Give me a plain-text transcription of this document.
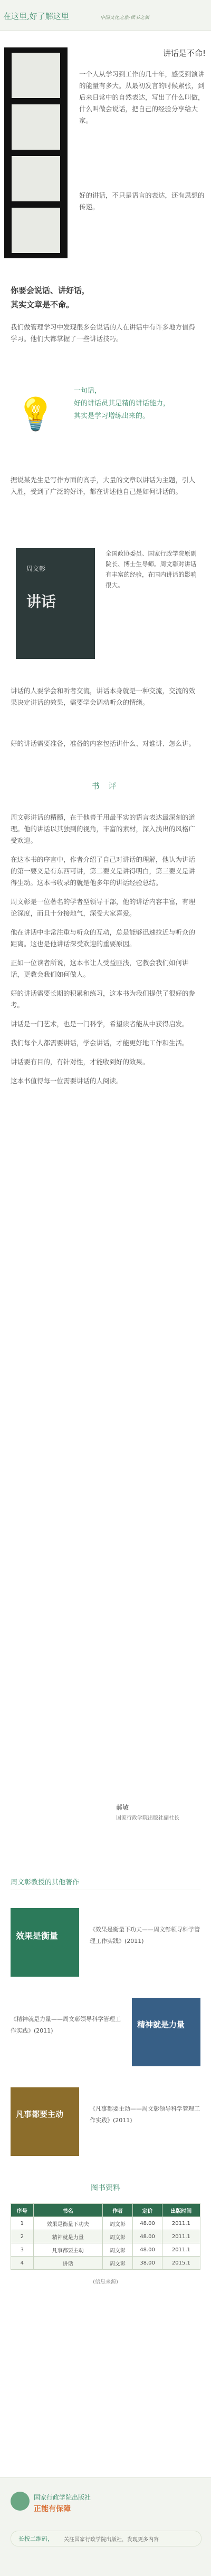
在这里,好了解这里	中国文化之旅·读书之旅
讲话是不命!
一个人从学习到工作的几十年，感受到演讲的能量有多大。从最初发言的时候紧张，到后来日常中的自然表达，写出了什么叫做，什么叫做会说话，把自己的经验分享给大家。
好的讲话，不只是语言的表达，还有思想的传递。
你要会说话、讲好话，
其实文章是不命。
我们做管理学习中发现很多会说话的人在讲话中有许多地方值得学习。他们大都掌握了一些讲话技巧。
💡
一句话，
好的讲话员其是精的讲话能力，
其实是学习增练出来的。
据说某先生是写作方面的高手，大量的文章以讲话为主题，引人入胜，受到了广泛的好评，都在讲述他自己是如何讲话的。
周文彰
讲话
全国政协委员、国家行政学院原副院长、博士生导师。周文彰对讲话有丰富的经验，在国内讲话的影响很大。
讲话的人要学会和听者交流，讲话本身就是一种交流，交流的效果决定讲话的效果，需要学会调动听众的情绪。
好的讲话需要准备，准备的内容包括讲什么、对谁讲、怎么讲。
书 评

周文彰讲话的精髓，在于他善于用最平实的语言表达最深刻的道理。他的讲话以其独到的视角，丰富的素材，深入浅出的风格广受欢迎。

在这本书的序言中，作者介绍了自己对讲话的理解，他认为讲话的第一要义是有东西可讲，第二要义是讲得明白，第三要义是讲得生动。这本书收录的就是他多年的讲话经验总结。

周文彰是一位著名的学者型领导干部，他的讲话内容丰富，有理论深度，而且十分接地气，深受大家喜爱。

他在讲话中非常注重与听众的互动，总是能够迅速拉近与听众的距离。这也是他讲话深受欢迎的重要原因。

正如一位读者所说，这本书让人受益匪浅，它教会我们如何讲话，更教会我们如何做人。

好的讲话需要长期的积累和练习，这本书为我们提供了很好的参考。

讲话是一门艺术，也是一门科学，希望读者能从中获得启发。

我们每个人都需要讲话，学会讲话，才能更好地工作和生活。

讲话要有目的，有针对性，才能收到好的效果。

这本书值得每一位需要讲话的人阅读。

郝敏
国家行政学院出版社副社长
周文彰教授的其他著作
效果是衡量
《效果是衡量下功夫——周文彰领导科学管理工作实践》(2011)
精神就是力量
《精神就是力量——周文彰领导科学管理工作实践》(2011)
凡事都要主动
《凡事都要主动——周文彰领导科学管理工作实践》(2011)
图书资料
序号	书名	作者	定价	出版时间
1	效果是衡量下功夫	周文彰	48.00	2011.1
2	精神就是力量	周文彰	48.00	2011.1
3	凡事都要主动	周文彰	48.00	2011.1
4	讲话	周文彰	38.00	2015.1
(信息来源)
国家行政学院出版社
正能有保障
长按二维码， 关注国家行政学院出版社，发现更多内容
